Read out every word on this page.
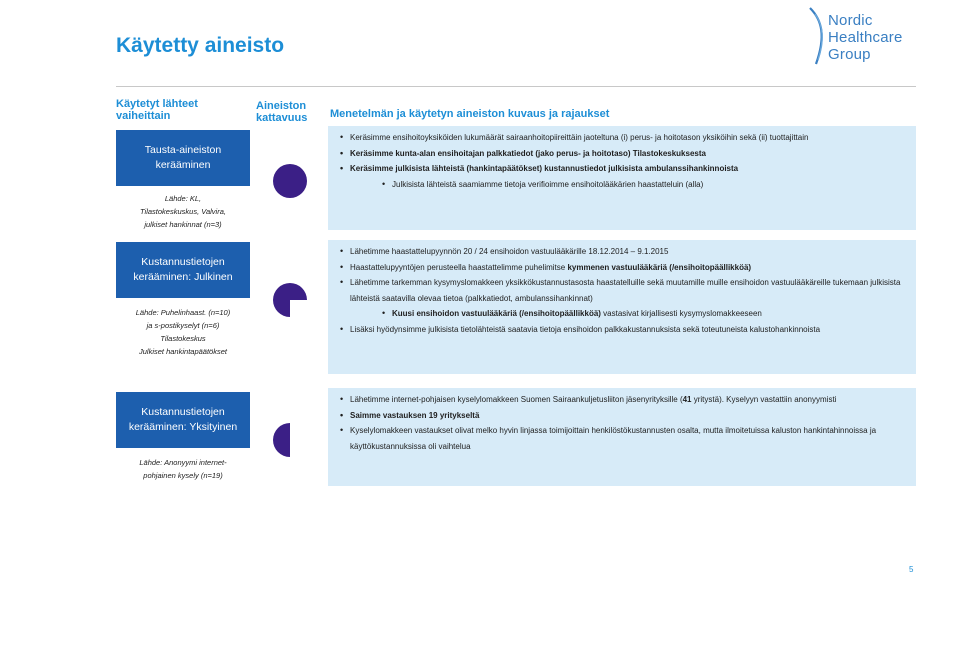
Käytetty aineisto
Nordic
Healthcare
Group
Käytetyt lähteet vaiheittain
Aineiston kattavuus	Menetelmän ja käytetyn aineiston kuvaus ja rajaukset
Tausta-aineiston kerääminen
Lähde: KL,
Tilastokeskuskus, Valvira,
julkiset hankinnat (n=3)
• Keräsimme ensihoitoyksiköiden lukumäärät sairaanhoitopiireittäin jaoteltuna (i) perus- ja hoitotason yksiköihin sekä (ii) tuottajittain
• Keräsimme kunta-alan ensihoitajan palkkatiedot (jako perus- ja hoitotaso) Tilastokeskuksesta
• Keräsimme julkisista lähteistä (hankintapäätökset) kustannustiedot julkisista ambulanssihankinnoista
• Julkisista lähteistä saamiamme tietoja verifioimme ensihoitolääkärien haastatteluin (alla)
Kustannustietojen kerääminen: Julkinen
Lähde: Puhelinhaast. (n=10)
ja s-postikyselyt (n=6)
Tilastokeskus
Julkiset hankintapäätökset
• Lähetimme haastattelupyynnön 20 / 24 ensihoidon vastuulääkärille 18.12.2014 – 9.1.2015
• Haastattelupyyntöjen perusteella haastattelimme puhelimitse kymmenen vastuulääkäriä (/ensihoitopäällikköä)
• Lähetimme tarkemman kysymyslomakkeen yksikkökustannustasosta haastatelluille sekä muutamille muille ensihoidon vastuulääkäreille tukemaan julkisista lähteistä saatavilla olevaa tietoa (palkkatiedot, ambulanssihankinnat)
• Kuusi ensihoidon vastuulääkäriä (/ensihoitopäällikköä) vastasivat kirjallisesti kysymyslomakkeeseen
• Lisäksi hyödynsimme julkisista tietolähteistä saatavia tietoja ensihoidon palkkakustannuksista sekä toteutuneista kalustohankinnoista
Kustannustietojen kerääminen: Yksityinen
Lähde: Anonyymi internet-
pohjainen kysely (n=19)
• Lähetimme internet-pohjaisen kyselylomakkeen Suomen Sairaankuljetusliiton jäsenyrityksille (41 yritystä). Kyselyyn vastattiin anonyymisti
• Saimme vastauksen 19 yritykseltä
• Kyselylomakkeen vastaukset olivat melko hyvin linjassa toimijoittain henkilöstökustannusten osalta, mutta ilmoitetuissa kaluston hankintahinnoissa ja käyttökustannuksissa oli vaihtelua
5
